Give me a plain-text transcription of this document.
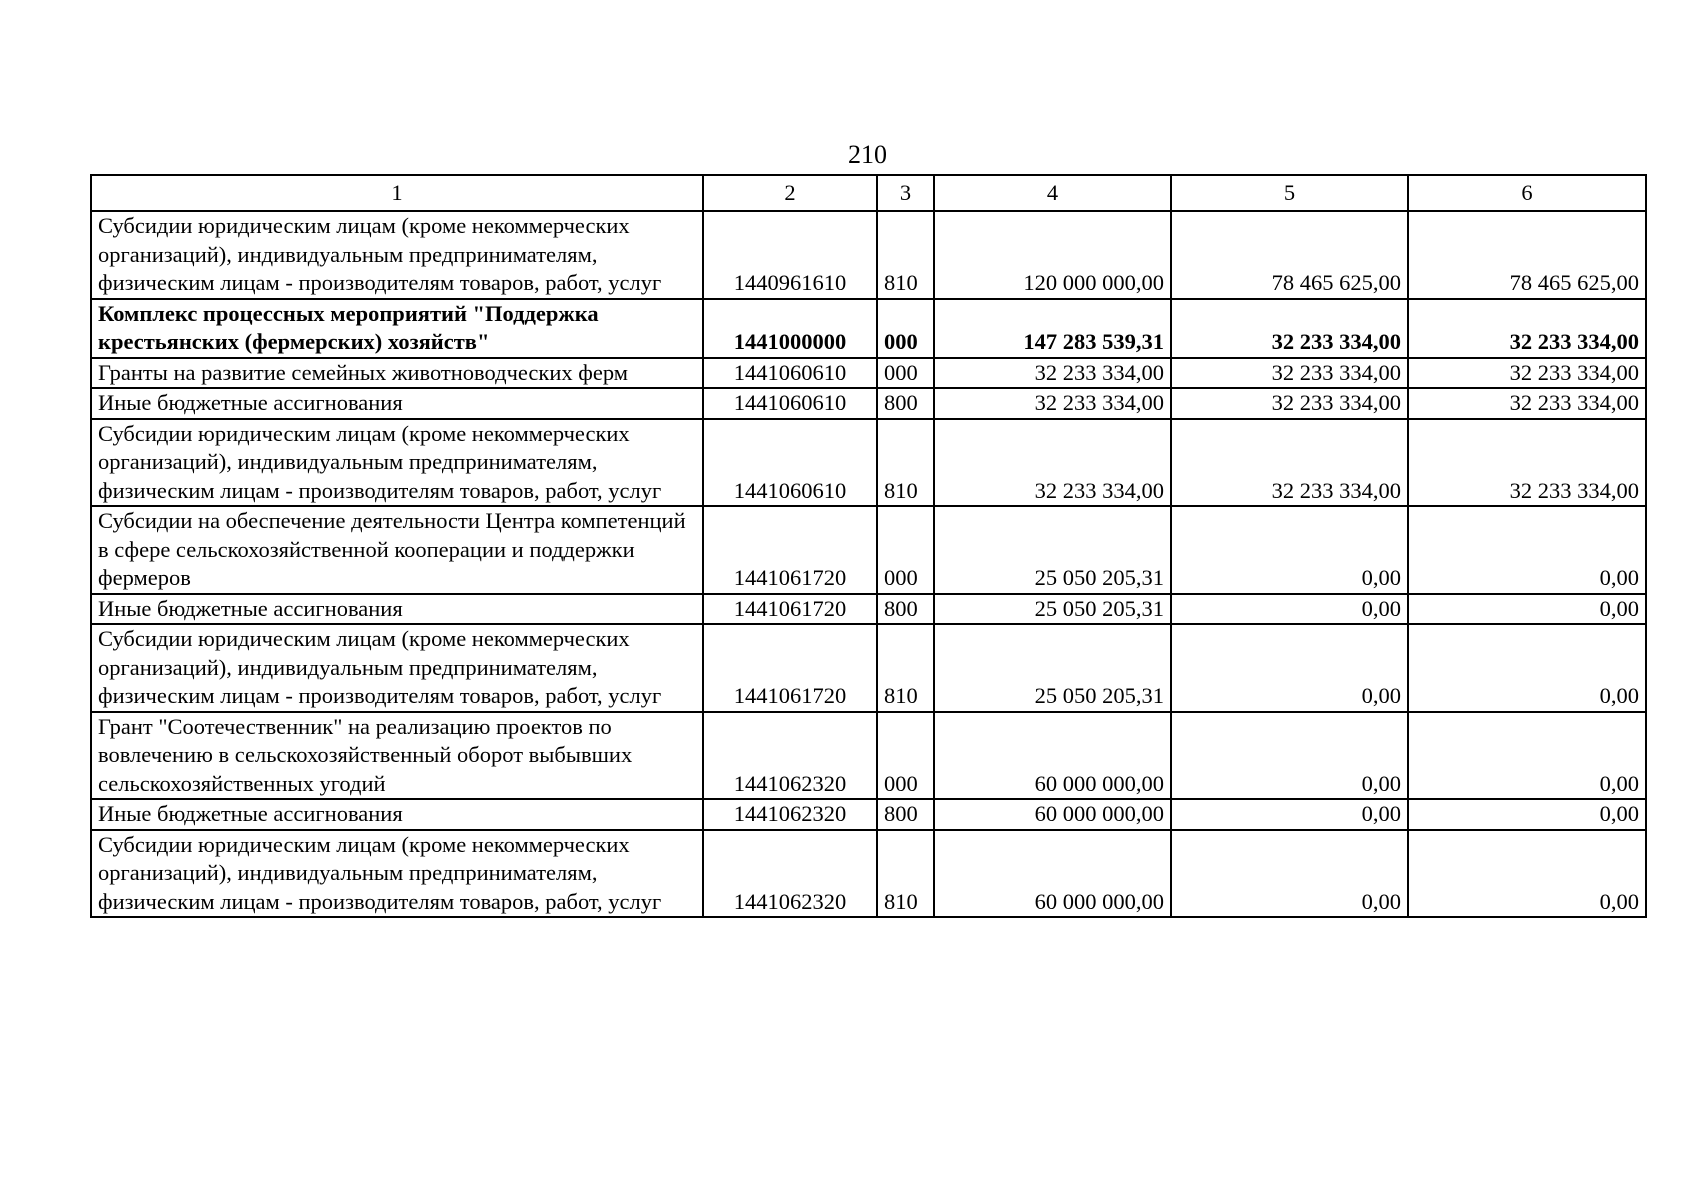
210
1	2	3	4	5	6
Субсидии юридическим лицам (кроме некоммерческих организаций), индивидуальным предпринимателям, физическим лицам - производителям товаров, работ, услуг	1440961610	810	120 000 000,00	78 465 625,00	78 465 625,00
Комплекс процессных мероприятий "Поддержка крестьянских (фермерских) хозяйств"	1441000000	000	147 283 539,31	32 233 334,00	32 233 334,00
Гранты на развитие семейных животноводческих ферм	1441060610	000	32 233 334,00	32 233 334,00	32 233 334,00
Иные бюджетные ассигнования	1441060610	800	32 233 334,00	32 233 334,00	32 233 334,00
Субсидии юридическим лицам (кроме некоммерческих организаций), индивидуальным предпринимателям, физическим лицам - производителям товаров, работ, услуг	1441060610	810	32 233 334,00	32 233 334,00	32 233 334,00
Субсидии на обеспечение деятельности Центра компетенций в сфере сельскохозяйственной кооперации и поддержки фермеров	1441061720	000	25 050 205,31	0,00	0,00
Иные бюджетные ассигнования	1441061720	800	25 050 205,31	0,00	0,00
Субсидии юридическим лицам (кроме некоммерческих организаций), индивидуальным предпринимателям, физическим лицам - производителям товаров, работ, услуг	1441061720	810	25 050 205,31	0,00	0,00
Грант "Соотечественник" на реализацию проектов по вовлечению в сельскохозяйственный оборот выбывших сельскохозяйственных угодий	1441062320	000	60 000 000,00	0,00	0,00
Иные бюджетные ассигнования	1441062320	800	60 000 000,00	0,00	0,00
Субсидии юридическим лицам (кроме некоммерческих организаций), индивидуальным предпринимателям, физическим лицам - производителям товаров, работ, услуг	1441062320	810	60 000 000,00	0,00	0,00
